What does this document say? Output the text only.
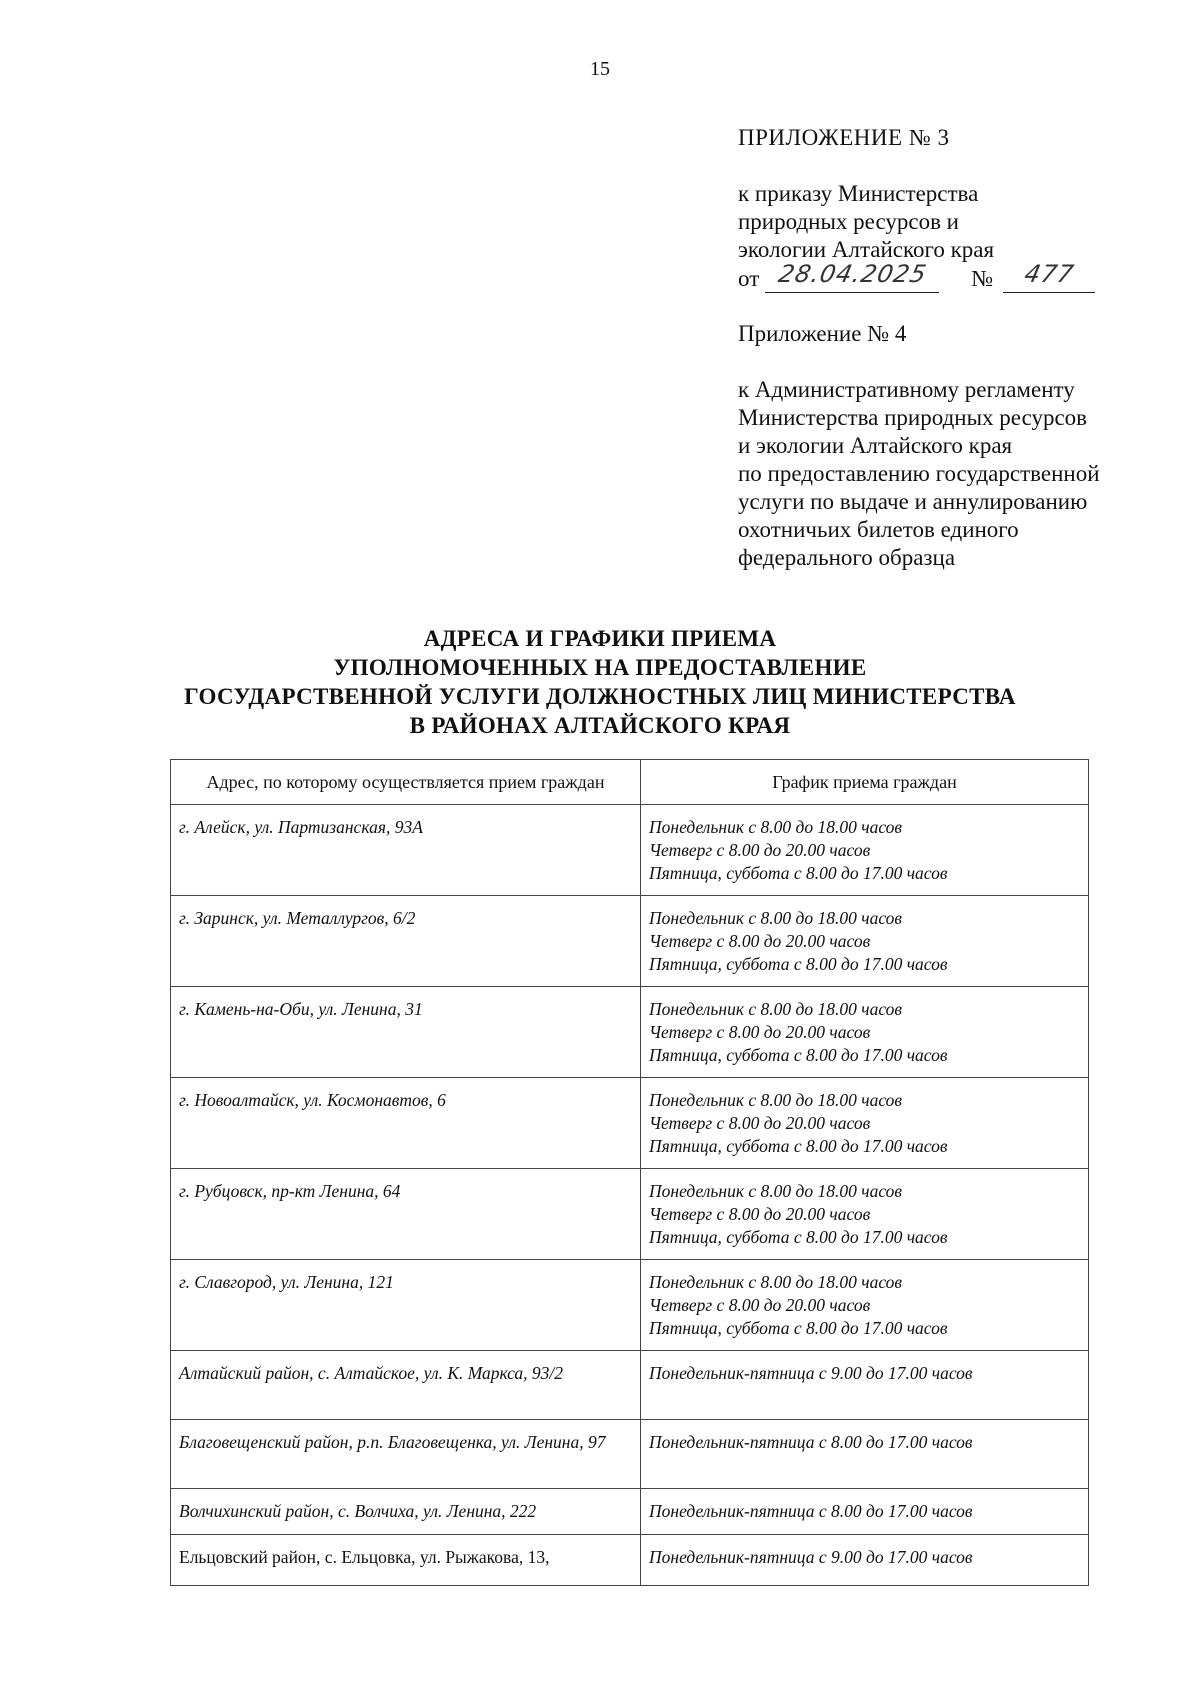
15
ПРИЛОЖЕНИЕ № 3
к приказу Министерства
природных ресурсов и
экологии Алтайского края
от 28.04.2025	№	477
Приложение № 4
к Административному регламенту
Министерства природных ресурсов
и экологии Алтайского края
по предоставлению государственной
услуги по выдаче и аннулированию
охотничьих билетов единого
федерального образца
АДРЕСА И ГРАФИКИ ПРИЕМА
УПОЛНОМОЧЕННЫХ НА ПРЕДОСТАВЛЕНИЕ
ГОСУДАРСТВЕННОЙ УСЛУГИ ДОЛЖНОСТНЫХ ЛИЦ МИНИСТЕРСТВА
В РАЙОНАХ АЛТАЙСКОГО КРАЯ
Адрес, по которому осуществляется прием граждан	График приема граждан
г. Алейск, ул. Партизанская, 93А	Понедельник с 8.00 до 18.00 часов
Четверг с 8.00 до 20.00 часов
Пятница, суббота с 8.00 до 17.00 часов

г. Заринск, ул. Металлургов, 6/2	Понедельник с 8.00 до 18.00 часов
Четверг с 8.00 до 20.00 часов
Пятница, суббота с 8.00 до 17.00 часов

г. Камень-на-Оби, ул. Ленина, 31	Понедельник с 8.00 до 18.00 часов
Четверг с 8.00 до 20.00 часов
Пятница, суббота с 8.00 до 17.00 часов

г. Новоалтайск, ул. Космонавтов, 6	Понедельник с 8.00 до 18.00 часов
Четверг с 8.00 до 20.00 часов
Пятница, суббота с 8.00 до 17.00 часов

г. Рубцовск, пр-кт Ленина, 64	Понедельник с 8.00 до 18.00 часов
Четверг с 8.00 до 20.00 часов
Пятница, суббота с 8.00 до 17.00 часов

г. Славгород, ул. Ленина, 121	Понедельник с 8.00 до 18.00 часов
Четверг с 8.00 до 20.00 часов
Пятница, суббота с 8.00 до 17.00 часов

Алтайский район, с. Алтайское, ул. К. Маркса, 93/2	Понедельник-пятница с 9.00 до 17.00 часов

Благовещенский район, р.п. Благовещенка, ул. Ленина, 97	Понедельник-пятница с 8.00 до 17.00 часов

Волчихинский район, с. Волчиха, ул. Ленина, 222	Понедельник-пятница с 8.00 до 17.00 часов

Ельцовский район, с. Ельцовка, ул. Рыжакова, 13,	Понедельник-пятница с 9.00 до 17.00 часов
